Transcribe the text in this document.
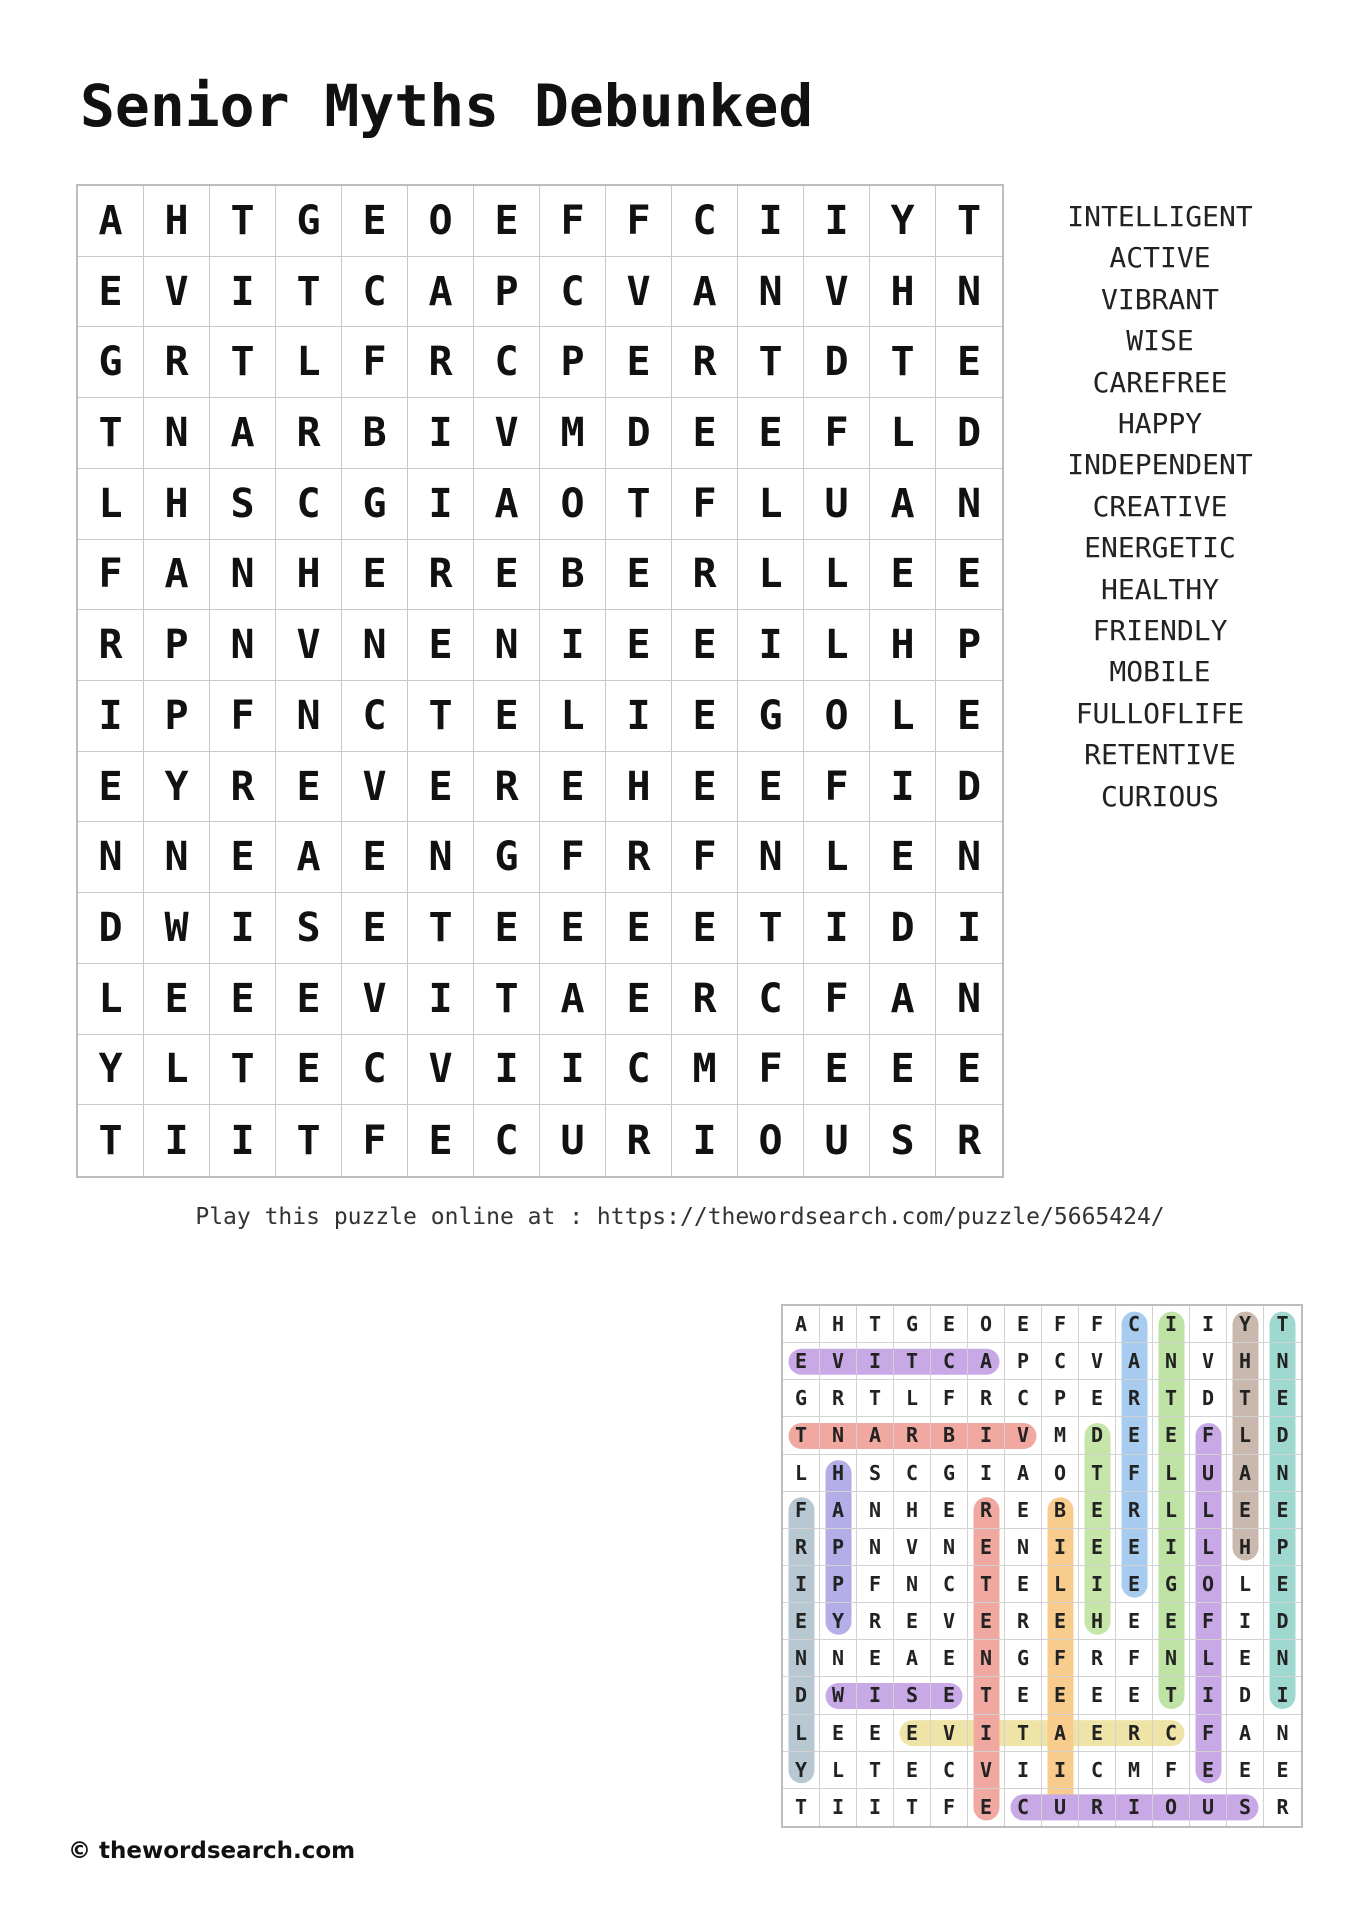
Senior Myths Debunked
A	H	T	G	E	O	E	F	F	C	I	I	Y	T
E	V	I	T	C	A	P	C	V	A	N	V	H	N
G	R	T	L	F	R	C	P	E	R	T	D	T	E
T	N	A	R	B	I	V	M	D	E	E	F	L	D
L	H	S	C	G	I	A	O	T	F	L	U	A	N
F	A	N	H	E	R	E	B	E	R	L	L	E	E
R	P	N	V	N	E	N	I	E	E	I	L	H	P
I	P	F	N	C	T	E	L	I	E	G	O	L	E
E	Y	R	E	V	E	R	E	H	E	E	F	I	D
N	N	E	A	E	N	G	F	R	F	N	L	E	N
D	W	I	S	E	T	E	E	E	E	T	I	D	I
L	E	E	E	V	I	T	A	E	R	C	F	A	N
Y	L	T	E	C	V	I	I	C	M	F	E	E	E
T	I	I	T	F	E	C	U	R	I	O	U	S	R
INTELLIGENT
ACTIVE
VIBRANT
WISE
CAREFREE
HAPPY
INDEPENDENT
CREATIVE
ENERGETIC
HEALTHY
FRIENDLY
MOBILE
FULLOFLIFE
RETENTIVE
CURIOUS
Play this puzzle online at : https://thewordsearch.com/puzzle/5665424/
A	H	T	G	E	O	E	F	F	C	I	I	Y	T
E	V	I	T	C	A	P	C	V	A	N	V	H	N
G	R	T	L	F	R	C	P	E	R	T	D	T	E
T	N	A	R	B	I	V	M	D	E	E	F	L	D
L	H	S	C	G	I	A	O	T	F	L	U	A	N
F	A	N	H	E	R	E	B	E	R	L	L	E	E
R	P	N	V	N	E	N	I	E	E	I	L	H	P
I	P	F	N	C	T	E	L	I	E	G	O	L	E
E	Y	R	E	V	E	R	E	H	E	E	F	I	D
N	N	E	A	E	N	G	F	R	F	N	L	E	N
D	W	I	S	E	T	E	E	E	E	T	I	D	I
L	E	E	E	V	I	T	A	E	R	C	F	A	N
Y	L	T	E	C	V	I	I	C	M	F	E	E	E
T	I	I	T	F	E	C	U	R	I	O	U	S	R
© thewordsearch.com
